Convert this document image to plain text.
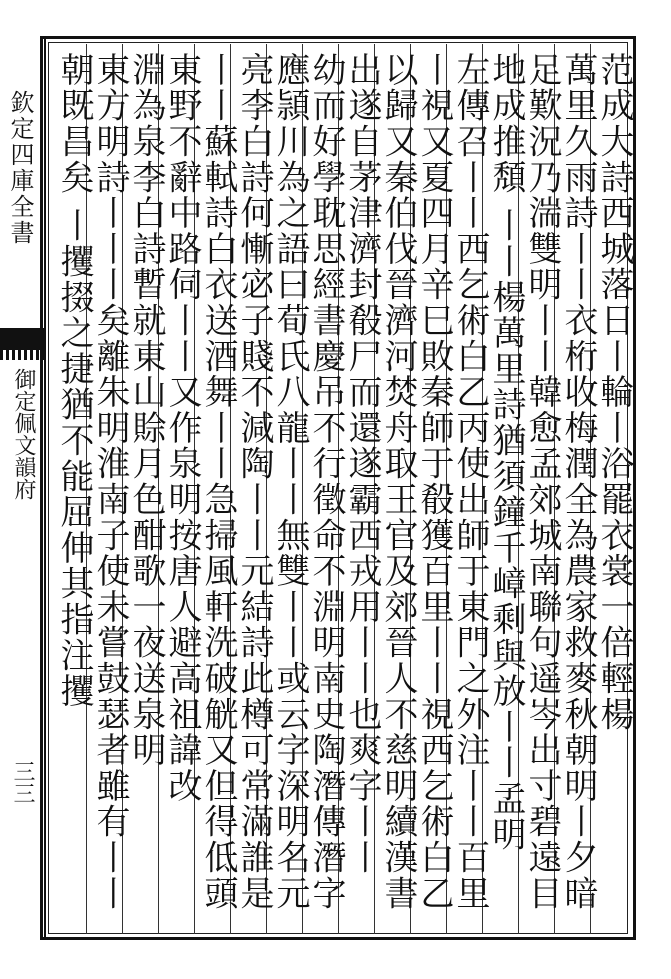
欽定四庫全書
御定佩文韻府
三三
范成大詩西城落日丨輪丨浴罷衣裳一倍輕楊
萬里久雨詩丨丨衣桁收梅潤全為農家救麥秋朝明丨夕暗
足歎況乃湍雙明丨丨韓愈孟郊城南聯句遥岑出寸碧遠目
地成推頽 丨丨楊萬里詩猶須鐘千嶂剩與放丨丨孟明
左傳召丨丨西乞術白乙丙使出師于東門之外注丨丨百里
丨視又夏四月辛巳敗秦師于殽獲百里丨丨視西乞術白乙
以歸又秦伯伐晉濟河焚舟取王官及郊晉人不慈明續漢書
出遂自茅津濟封殽尸而還遂霸西戎用丨丨也爽字丨丨
幼而好學耽思經書慶吊不行徵命不淵明南史陶潛傳潛字
應頴川為之語曰荀氏八龍丨丨無雙丨丨或云字深明名元
亮李白詩何慚宓子賤不減陶丨丨元結詩此樽可常滿誰是
丨丨蘇軾詩白衣送酒舞丨丨急掃風軒洗破觥又但得低頭
東野不辭中路伺丨丨又作泉明按唐人避高祖諱改
淵為泉李白詩暫就東山賒月色酣歌一夜送泉明
東方明詩丨丨丨矣離朱明淮南子使未嘗鼓瑟者雖有丨丨
朝既昌矣 丨攫掇之捷猶不能屈伸其指注攫
